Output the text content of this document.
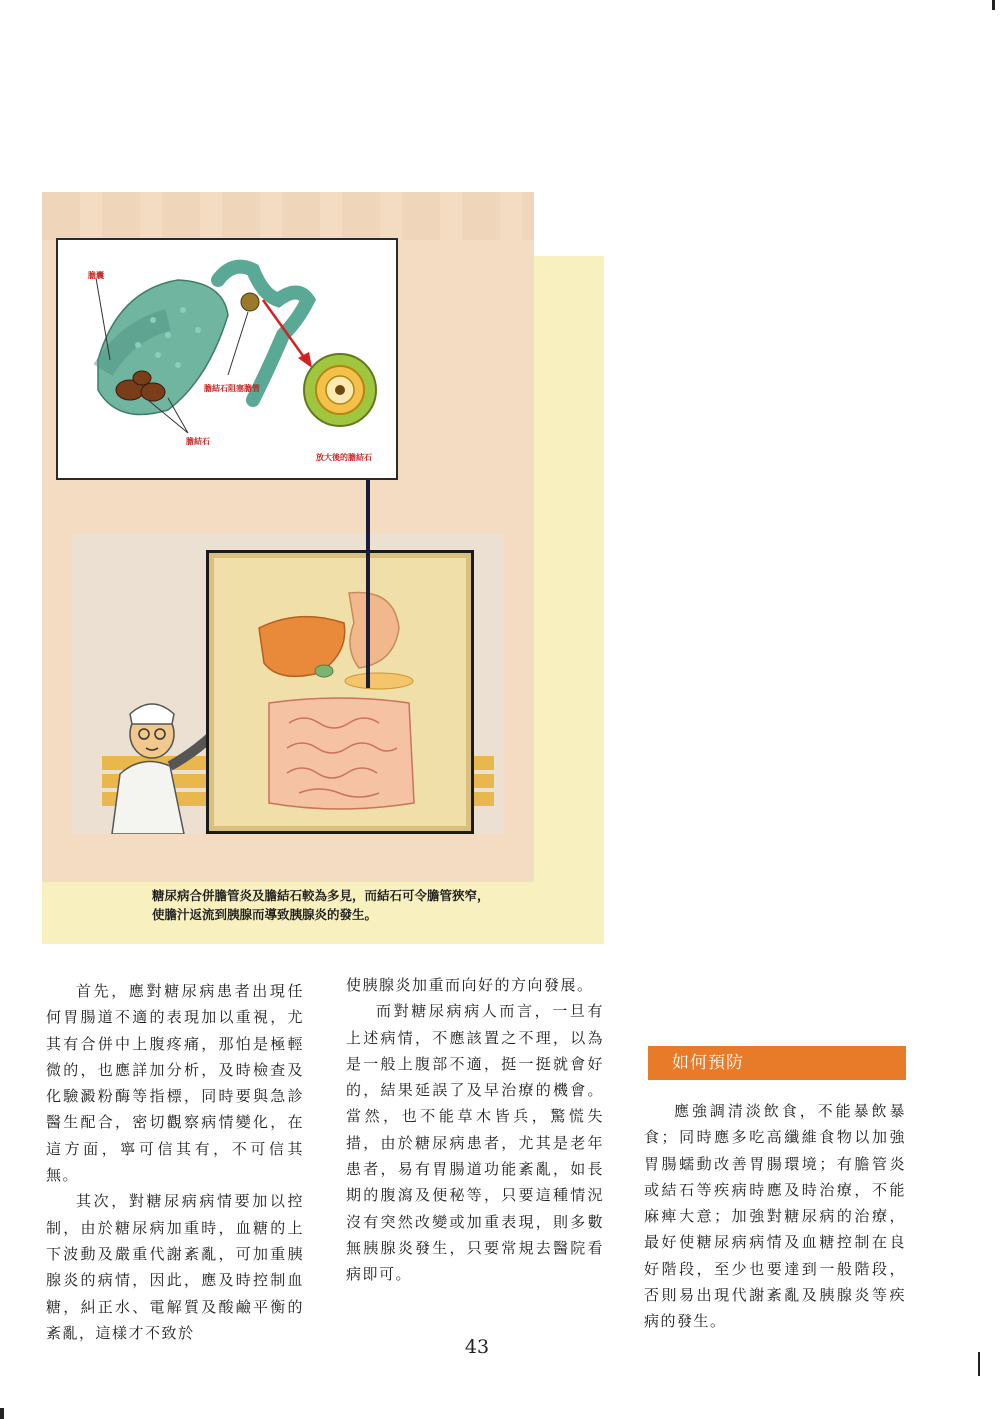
膽囊
膽結石阻塞膽管
膽結石
放大後的膽結石
糖尿病合併膽管炎及膽結石較為多見，而結石可令膽管狹窄，
使膽汁返流到胰腺而導致胰腺炎的發生。

首先，應對糖尿病患者出現任何胃腸道不適的表現加以重視，尤其有合併中上腹疼痛，那怕是極輕微的，也應詳加分析，及時檢查及化驗澱粉酶等指標，同時要與急診醫生配合，密切觀察病情變化，在這方面，寧可信其有，不可信其無。

其次，對糖尿病病情要加以控制，由於糖尿病加重時，血糖的上下波動及嚴重代謝紊亂，可加重胰腺炎的病情，因此，應及時控制血糖，糾正水、電解質及酸鹼平衡的紊亂，這樣才不致於

使胰腺炎加重而向好的方向發展。

而對糖尿病病人而言，一旦有上述病情，不應該置之不理，以為是一般上腹部不適，挺一挺就會好的，結果延誤了及早治療的機會。當然，也不能草木皆兵，驚慌失措，由於糖尿病患者，尤其是老年患者，易有胃腸道功能紊亂，如長期的腹瀉及便秘等，只要這種情況沒有突然改變或加重表現，則多數無胰腺炎發生，只要常規去醫院看病即可。

如何預防

應強調清淡飲食，不能暴飲暴食；同時應多吃高纖維食物以加強胃腸蠕動改善胃腸環境；有膽管炎或結石等疾病時應及時治療，不能麻痺大意；加強對糖尿病的治療，最好使糖尿病病情及血糖控制在良好階段，至少也要達到一般階段，否則易出現代謝紊亂及胰腺炎等疾病的發生。

43
